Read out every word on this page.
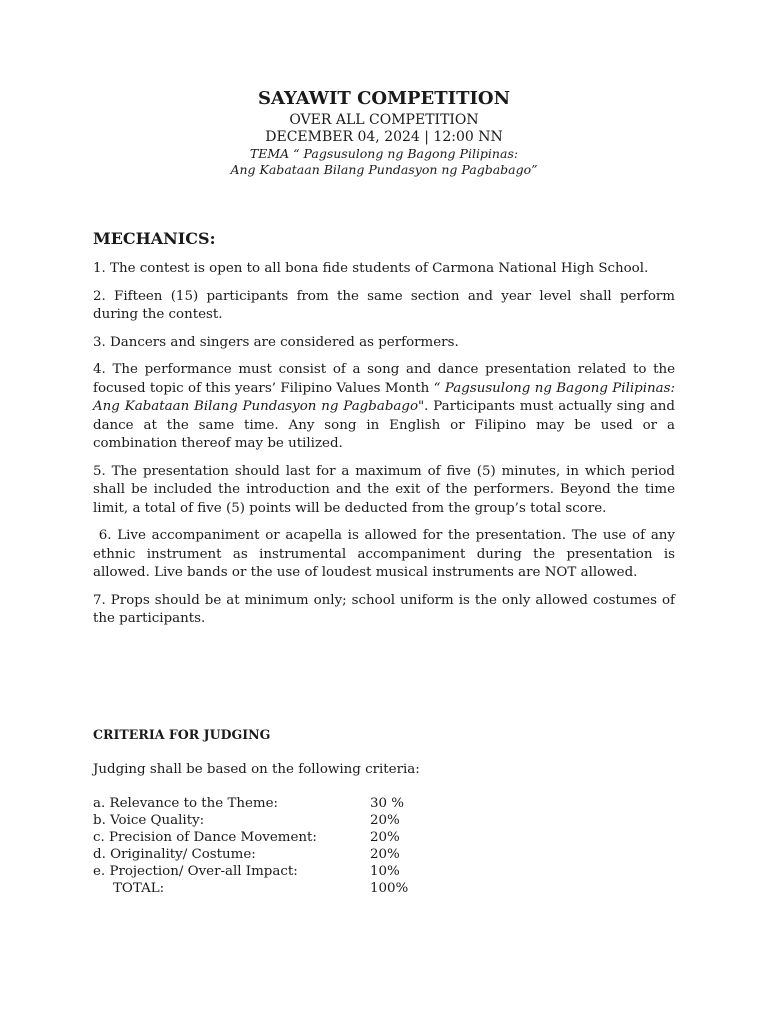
SAYAWIT COMPETITION

OVER ALL COMPETITION

DECEMBER 04, 2024 | 12:00 NN

TEMA “ Pagsusulong ng Bagong Pilipinas:

Ang Kabataan Bilang Pundasyon ng Pagbabago”

MECHANICS:

1. The contest is open to all bona fide students of Carmona National High School.

2. Fifteen (15) participants from the same section and year level shall perform during the contest.

3. Dancers and singers are considered as performers.

4. The performance must consist of a song and dance presentation related to the focused topic of this years’ Filipino Values Month “ Pagsusulong ng Bagong Pilipinas: Ang Kabataan Bilang Pundasyon ng Pagbabago". Participants must actually sing and dance at the same time. Any song in English or Filipino may be used or a combination thereof may be utilized.

5. The presentation should last for a maximum of five (5) minutes, in which period shall be included the introduction and the exit of the performers. Beyond the time limit, a total of five (5) points will be deducted from the group’s total score.

6. Live accompaniment or acapella is allowed for the presentation. The use of any ethnic instrument as instrumental accompaniment during the presentation is allowed. Live bands or the use of loudest musical instruments are NOT allowed.

7. Props should be at minimum only; school uniform is the only allowed costumes of the participants.

CRITERIA FOR JUDGING

Judging shall be based on the following criteria:

a. Relevance to the Theme:	30 %
b. Voice Quality:	20%
c. Precision of Dance Movement:	20%
d. Originality/ Costume:	20%
e. Projection/ Over-all Impact:	10%
TOTAL:	100%
